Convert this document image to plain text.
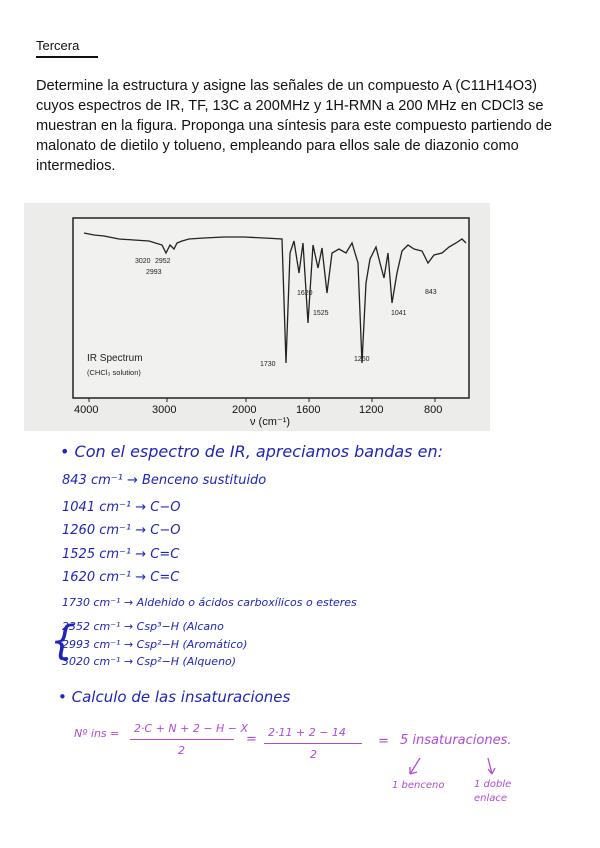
Tercera
Determine la estructura y asigne las señales de un compuesto A (C11H14O3) cuyos espectros de IR, TF, 13C a 200MHz y 1H-RMN a 200 MHz en CDCl3 se muestran en la figura. Proponga una síntesis para este compuesto partiendo de malonato de dietilo y tolueno, empleando para ellos sale de diazonio como intermedios.
3020 2952
2993
1730
1620
1525
1260
1041
843
IR Spectrum
(CHCl₃ solution)
4000	3000	2000	1600	1200	800
ν (cm⁻¹)
• Con el espectro de IR, apreciamos bandas en:
843 cm⁻¹ → Benceno sustituido
1041 cm⁻¹ → C−O
1260 cm⁻¹ → C−O
1525 cm⁻¹ → C=C
1620 cm⁻¹ → C=C
1730 cm⁻¹ → Aldehido o ácidos carboxílicos o esteres
{
2352 cm⁻¹ → Csp³−H (Alcano
2993 cm⁻¹ → Csp²−H (Aromático)
3020 cm⁻¹ → Csp²−H (Alqueno)
• Calculo de las insaturaciones
Nº ins = 2·C + N + 2 − H − X
2
= 2·11 + 2 − 14
2
= 5 insaturaciones.
1 benceno	1 doble enlace
